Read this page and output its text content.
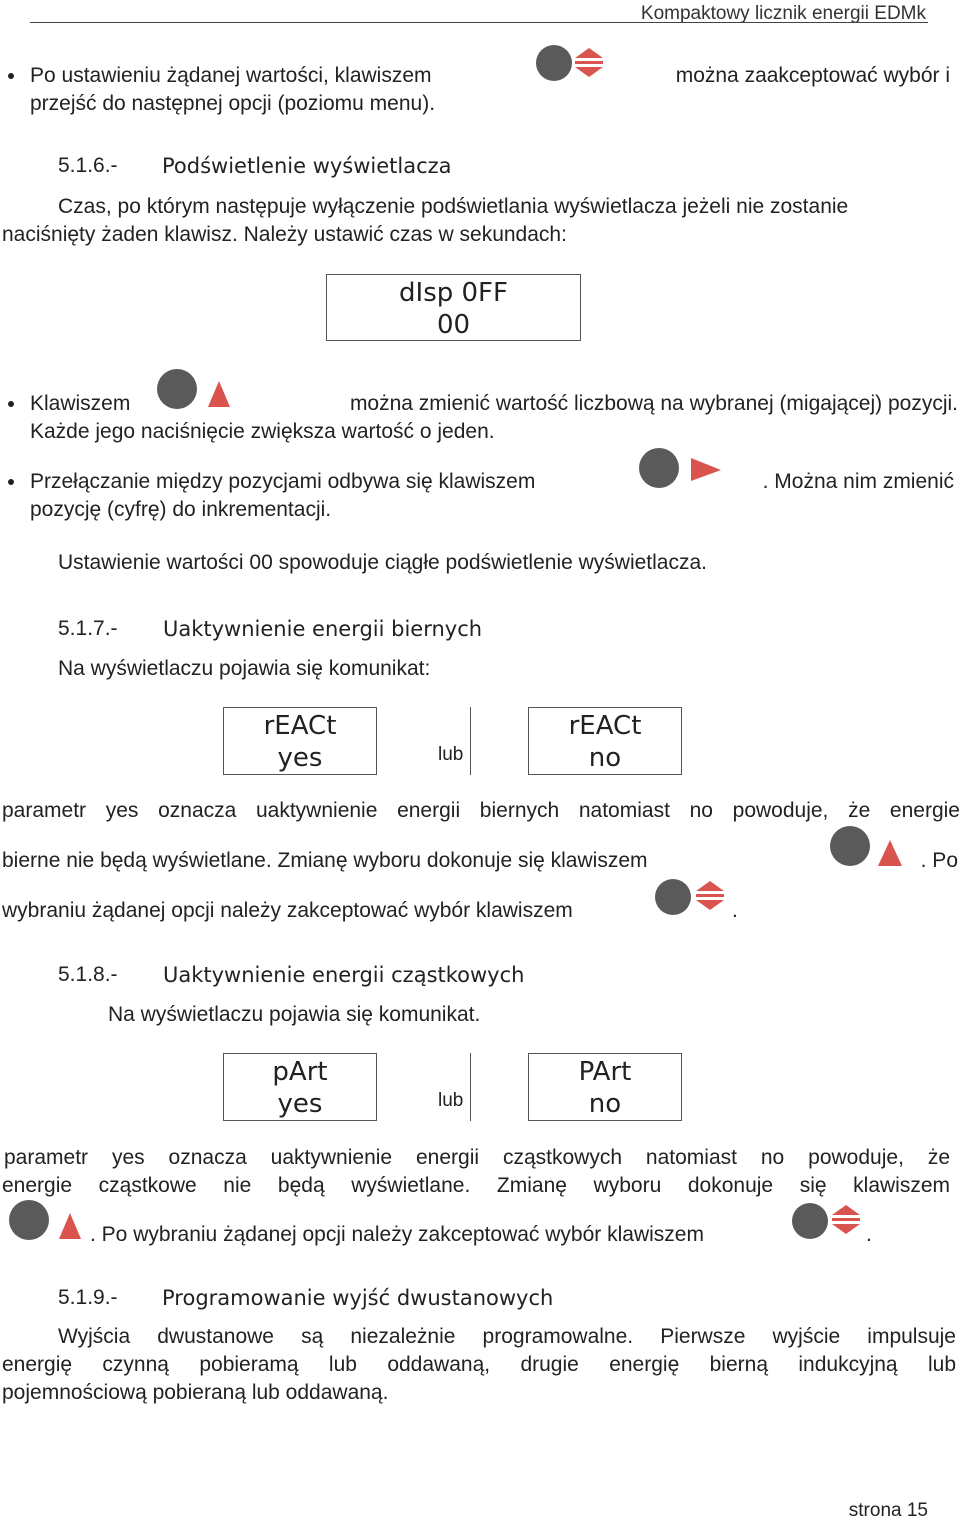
Kompaktowy licznik energii EDMk
Po ustawieniu żądanej wartości, klawiszem	można zaakceptować wybór i
przejść do następnej opcji (poziomu menu).
5.1.6.- Podświetlenie wyświetlacza
Czas, po którym następuje wyłączenie podświetlania wyświetlacza jeżeli nie zostanie
naciśnięty żaden klawisz. Należy ustawić czas w sekundach:
dIsp 0FF
00
Klawiszem	można zmienić wartość liczbową na wybranej (migającej) pozycji.
Każde jego naciśnięcie zwiększa wartość o jeden.
Przełączanie między pozycjami odbywa się klawiszem	. Można nim zmienić
pozycję (cyfrę) do inkrementacji.
Ustawienie wartości 00 spowoduje ciągłe podświetlenie wyświetlacza.
5.1.7.- Uaktywnienie energii biernych
Na wyświetlaczu pojawia się komunikat:
rEACt
yes	lub
rEACt
no
parametr yes oznacza uaktywnienie energii biernych natomiast no powoduje, że energie
bierne nie będą wyświetlane. Zmianę wyboru dokonuje się klawiszem	. Po
wybraniu żądanej opcji należy zakceptować wybór klawiszem	.
5.1.8.- Uaktywnienie energii cząstkowych
Na wyświetlaczu pojawia się komunikat.
pArt
yes	lub
PArt
no
parametr yes oznacza uaktywnienie energii cząstkowych natomiast no powoduje, że
energie cząstkowe nie będą wyświetlane. Zmianę wyboru dokonuje się klawiszem
. Po wybraniu żądanej opcji należy zakceptować wybór klawiszem	.
5.1.9.- Programowanie wyjść dwustanowych
Wyjścia dwustanowe są niezależnie programowalne. Pierwsze wyjście impulsuje
energię czynną pobieramą lub oddawaną, drugie energię bierną indukcyjną lub
pojemnościową pobieraną lub oddawaną.
strona 15
